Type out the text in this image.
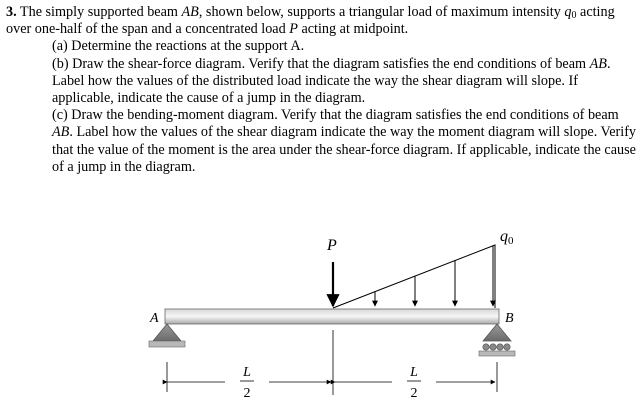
3. The simply supported beam AB, shown below, supports a triangular load of maximum intensity $q_0$ acting over one-half of the span and a concentrated load P acting at midpoint.

(a) Determine the reactions at the support A.

(b) Draw the shear-force diagram. Verify that the diagram satisfies the end conditions of beam AB. Label how the values of the distributed load indicate the way the shear diagram will slope. If applicable, indicate the cause of a jump in the diagram.

(c) Draw the bending-moment diagram. Verify that the diagram satisfies the end conditions of beam AB. Label how the values of the shear diagram indicate the way the moment diagram will slope. Verify that the value of the moment is the area under the shear-force diagram. If applicable, indicate the cause of a jump in the diagram.

P
q0
A	B
L
2
L
2
